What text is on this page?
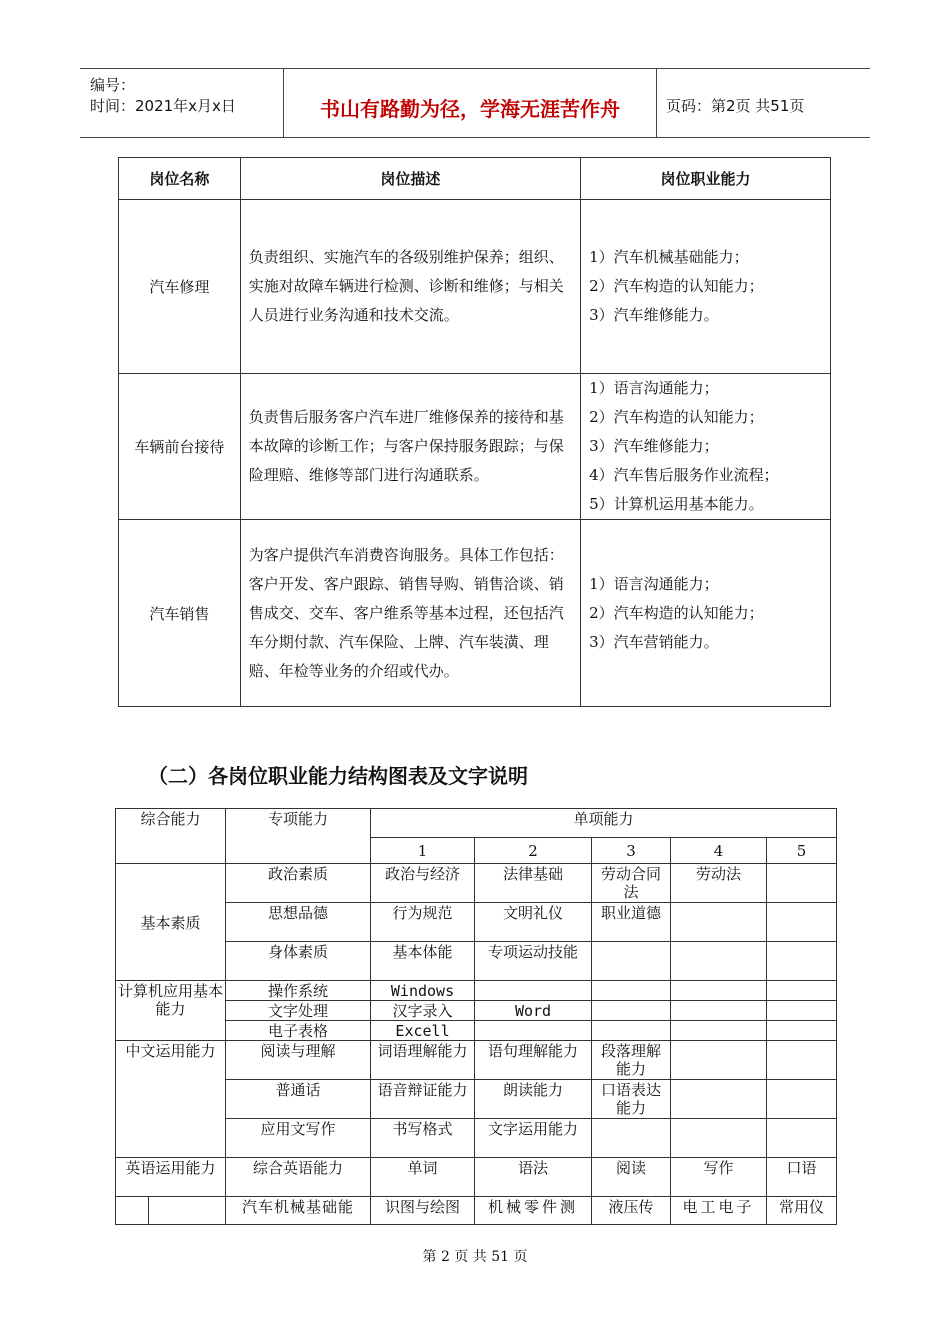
编号：
时间：2021年x月x日	书山有路勤为径，学海无涯苦作舟	页码：第2页 共51页
岗位名称	岗位描述	岗位职业能力
汽车修理	负责组织、实施汽车的各级别维护保养；组织、实施对故障车辆进行检测、诊断和维修；与相关人员进行业务沟通和技术交流。	1）汽车机械基础能力；
2）汽车构造的认知能力；
3）汽车维修能力。

车辆前台接待	负责售后服务客户汽车进厂维修保养的接待和基本故障的诊断工作；与客户保持服务跟踪；与保险理赔、维修等部门进行沟通联系。	1）语言沟通能力；
2）汽车构造的认知能力；
3）汽车维修能力；
4）汽车售后服务作业流程；
5）计算机运用基本能力。

汽车销售	为客户提供汽车消费咨询服务。具体工作包括：客户开发、客户跟踪、销售导购、销售洽谈、销售成交、交车、客户维系等基本过程，还包括汽车分期付款、汽车保险、上牌、汽车装潢、理赔、年检等业务的介绍或代办。	1）语言沟通能力；
2）汽车构造的认知能力；
3）汽车营销能力。
（二）各岗位职业能力结构图表及文字说明
综合能力		专项能力	单项能力				
			1	2	3	4	5
基本素质		政治素质	政治与经济	法律基础	劳动合同法	劳动法	
		思想品德	行为规范	文明礼仪	职业道德		
		身体素质	基本体能	专项运动技能			
计算机应用基本能力		操作系统	Windows				
		文字处理	汉字录入	Word			
		电子表格	Excell				
中文运用能力		阅读与理解	词语理解能力	语句理解能力	段落理解能力		
		普通话	语音辩证能力	朗读能力	口语表达能力		
		应用文写作	书写格式	文字运用能力			
英语运用能力		综合英语能力	单词	语法	阅读	写作	口语
		汽车机械基础能	识图与绘图	机械零件测	液压传	电工电子	常用仪
第 2 页 共 51 页
